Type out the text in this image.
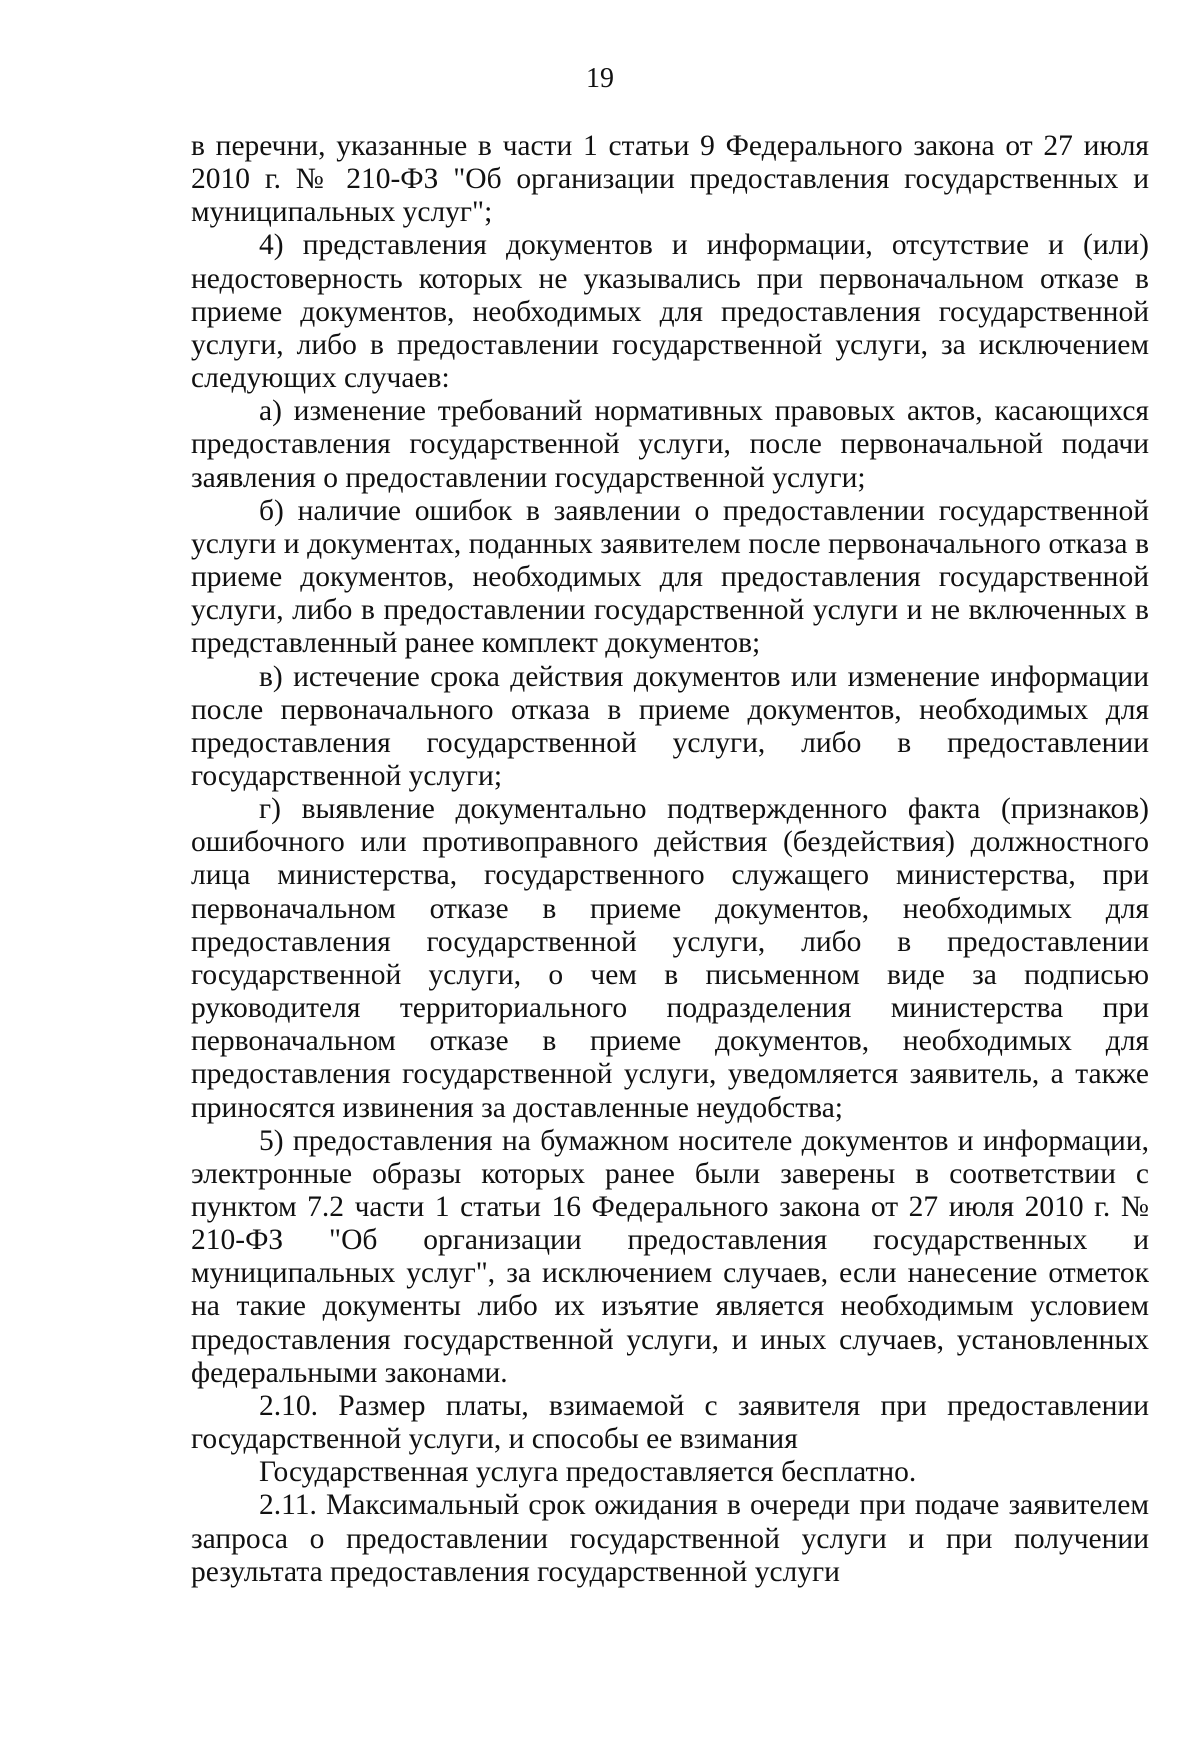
19

в перечни, указанные в части 1 статьи 9 Федерального закона от 27 июля 2010 г. № 210-ФЗ "Об организации предоставления государственных и муниципальных услуг";

4) представления документов и информации, отсутствие и (или) недостоверность которых не указывались при первоначальном отказе в приеме документов, необходимых для предоставления государственной услуги, либо в предоставлении государственной услуги, за исключением следующих случаев:

а) изменение требований нормативных правовых актов, касающихся предоставления государственной услуги, после первоначальной подачи заявления о предоставлении государственной услуги;

б) наличие ошибок в заявлении о предоставлении государственной услуги и документах, поданных заявителем после первоначального отказа в приеме документов, необходимых для предоставления государственной услуги, либо в предоставлении государственной услуги и не включенных в представленный ранее комплект документов;

в) истечение срока действия документов или изменение информации после первоначального отказа в приеме документов, необходимых для предоставления государственной услуги, либо в предоставлении государственной услуги;

г) выявление документально подтвержденного факта (признаков) ошибочного или противоправного действия (бездействия) должностного лица министерства, государственного служащего министерства, при первоначальном отказе в приеме документов, необходимых для предоставления государственной услуги, либо в предоставлении государственной услуги, о чем в письменном виде за подписью руководителя территориального подразделения министерства при первоначальном отказе в приеме документов, необходимых для предоставления государственной услуги, уведомляется заявитель, а также приносятся извинения за доставленные неудобства;

5) предоставления на бумажном носителе документов и информации, электронные образы которых ранее были заверены в соответствии с пунктом 7.2 части 1 статьи 16 Федерального закона от 27 июля 2010 г. № 210-ФЗ "Об организации предоставления государственных и муниципальных услуг", за исключением случаев, если нанесение отметок на такие документы либо их изъятие является необходимым условием предоставления государственной услуги, и иных случаев, установленных федеральными законами.

2.10. Размер платы, взимаемой с заявителя при предоставлении государственной услуги, и способы ее взимания

Государственная услуга предоставляется бесплатно.

2.11. Максимальный срок ожидания в очереди при подаче заявителем запроса о предоставлении государственной услуги и при получении результата предоставления государственной услуги
